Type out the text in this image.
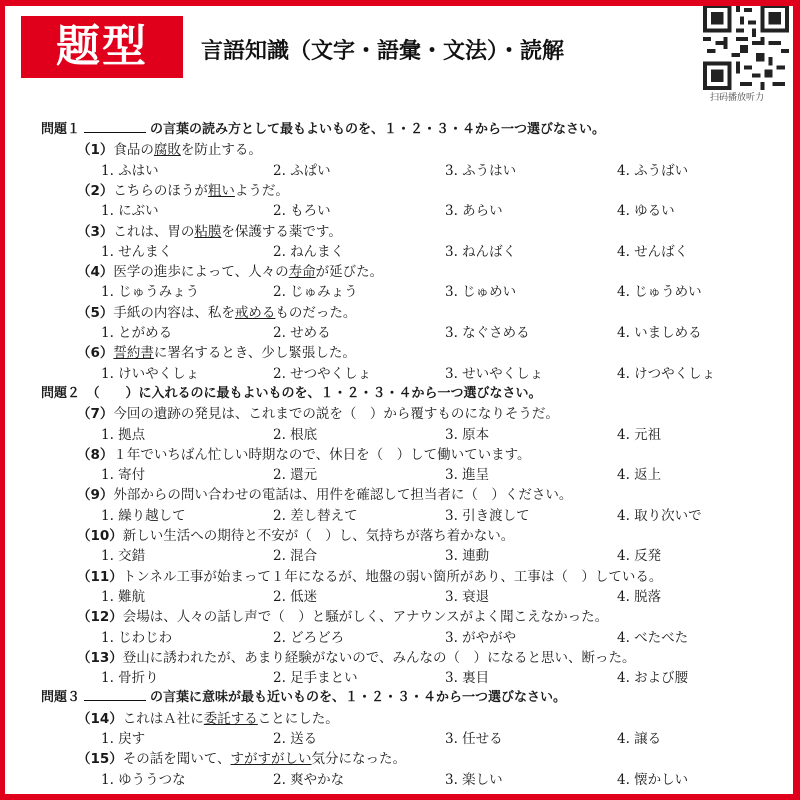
题型	言語知識（文字・語彙・文法）・読解
扫码播放听力
問題１	の言葉の読み方として最もよいものを、１・２・３・４から一つ選びなさい。
（1）食品の腐敗を防止する。
1. ふはい	2. ふぱい	3. ふうはい	4. ふうばい
（2）こちらのほうが粗いようだ。
1. にぶい	2. もろい	3. あらい	4. ゆるい
（3）これは、胃の粘膜を保護する薬です。
1. せんまく	2. ねんまく	3. ねんばく	4. せんばく
（4）医学の進歩によって、人々の寿命が延びた。
1. じゅうみょう	2. じゅみょう	3. じゅめい	4. じゅうめい
（5）手紙の内容は、私を戒めるものだった。
1. とがめる	2. せめる	3. なぐさめる	4. いましめる
（6）誓約書に署名するとき、少し緊張した。
1. けいやくしょ	2. せつやくしょ	3. せいやくしょ	4. けつやくしょ
問題２　 （　　）に入れるのに最もよいものを、１・２・３・４から一つ選びなさい。
（7）今回の遺跡の発見は、これまでの説を（　）から覆すものになりそうだ。
1. 拠点	2. 根底	3. 原本	4. 元祖
（8）１年でいちばん忙しい時期なので、休日を（　）して働いています。
1. 寄付	2. 還元	3. 進呈	4. 返上
（9）外部からの問い合わせの電話は、用件を確認して担当者に（　）ください。
1. 繰り越して	2. 差し替えて	3. 引き渡して	4. 取り次いで
（10）新しい生活への期待と不安が（　）し、気持ちが落ち着かない。
1. 交錯	2. 混合	3. 連動	4. 反発
（11）トンネル工事が始まって１年になるが、地盤の弱い箇所があり、工事は（　）している。
1. 難航	2. 低迷	3. 衰退	4. 脱落
（12）会場は、人々の話し声で（　）と騒がしく、アナウンスがよく聞こえなかった。
1. じわじわ	2. どろどろ	3. がやがや	4. べたべた
（13）登山に誘われたが、あまり経験がないので、みんなの（　）になると思い、断った。
1. 骨折り	2. 足手まとい	3. 裏目	4. および腰
問題３	の言葉に意味が最も近いものを、１・２・３・４から一つ選びなさい。
（14）これはＡ社に委託することにした。
1. 戻す	2. 送る	3. 任せる	4. 譲る
（15）その話を聞いて、すがすがしい気分になった。
1. ゆううつな	2. 爽やかな	3. 楽しい	4. 懐かしい
